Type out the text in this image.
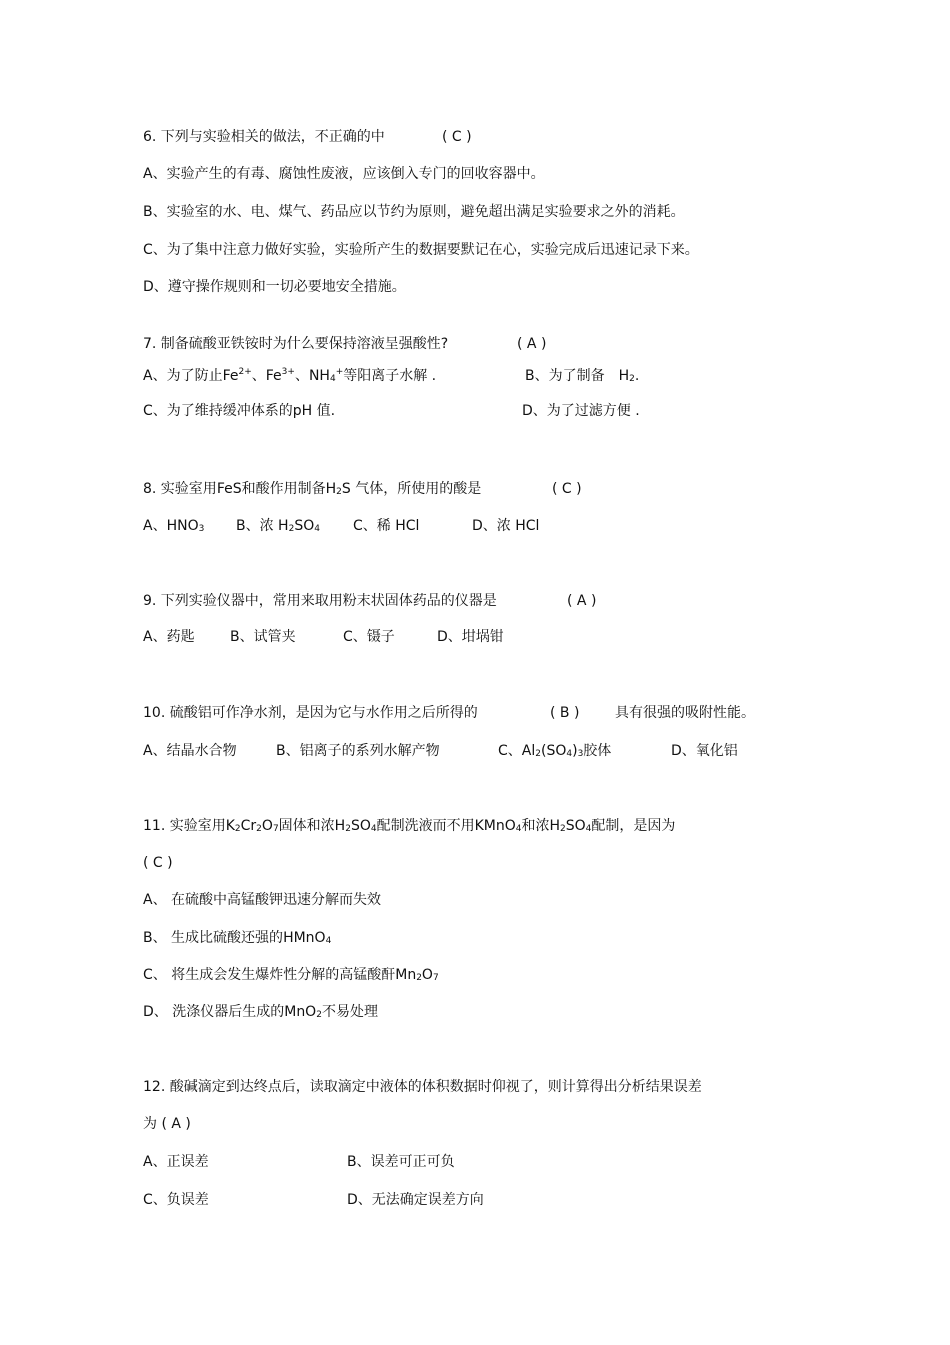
6. 下列与实验相关的做法，不正确的中	( C )
A、实验产生的有毒、腐蚀性废液，应该倒入专门的回收容器中。
B、实验室的水、电、煤气、药品应以节约为原则，避免超出满足实验要求之外的消耗。
C、为了集中注意力做好实验，实验所产生的数据要默记在心，实验完成后迅速记录下来。
D、遵守操作规则和一切必要地安全措施。
7. 制备硫酸亚铁铵时为什么要保持溶液呈强酸性?	( A )
A、为了防止$Fe^{2+}$、$Fe^{3+}$、$NH_4^+$等阳离子水解 .	B、为了制备 $H_2$.
C、为了维持缓冲体系的pH 值.	D、为了过滤方便 .
8. 实验室用FeS和酸作用制备$H_2S$ 气体，所使用的酸是	( C )
A、$HNO_3$ B、浓 $H_2SO_4$ C、稀 HCl	D、浓 HCl
9. 下列实验仪器中，常用来取用粉末状固体药品的仪器是	( A )
A、药匙	B、试管夹	C、镊子	D、坩埚钳
10. 硫酸铝可作净水剂，是因为它与水作用之后所得的	( B )	具有很强的吸附性能。
A、结晶水合物	B、铝离子的系列水解产物	C、$Al_2(SO_4)_3$胶体	D、氧化铝
11. 实验室用$K_2Cr_2O_7$固体和浓$H_2SO_4$配制洗液而不用KMnO$_4$和浓$H_2SO_4$配制，是因为
( C )
A、 在硫酸中高锰酸钾迅速分解而失效
B、 生成比硫酸还强的HMnO$_4$
C、 将生成会发生爆炸性分解的高锰酸酐$Mn_2O_7$
D、 洗涤仪器后生成的MnO$_2$不易处理
12. 酸碱滴定到达终点后，读取滴定中液体的体积数据时仰视了，则计算得出分析结果误差
为 ( A )
A、正误差	B、误差可正可负
C、负误差	D、无法确定误差方向
